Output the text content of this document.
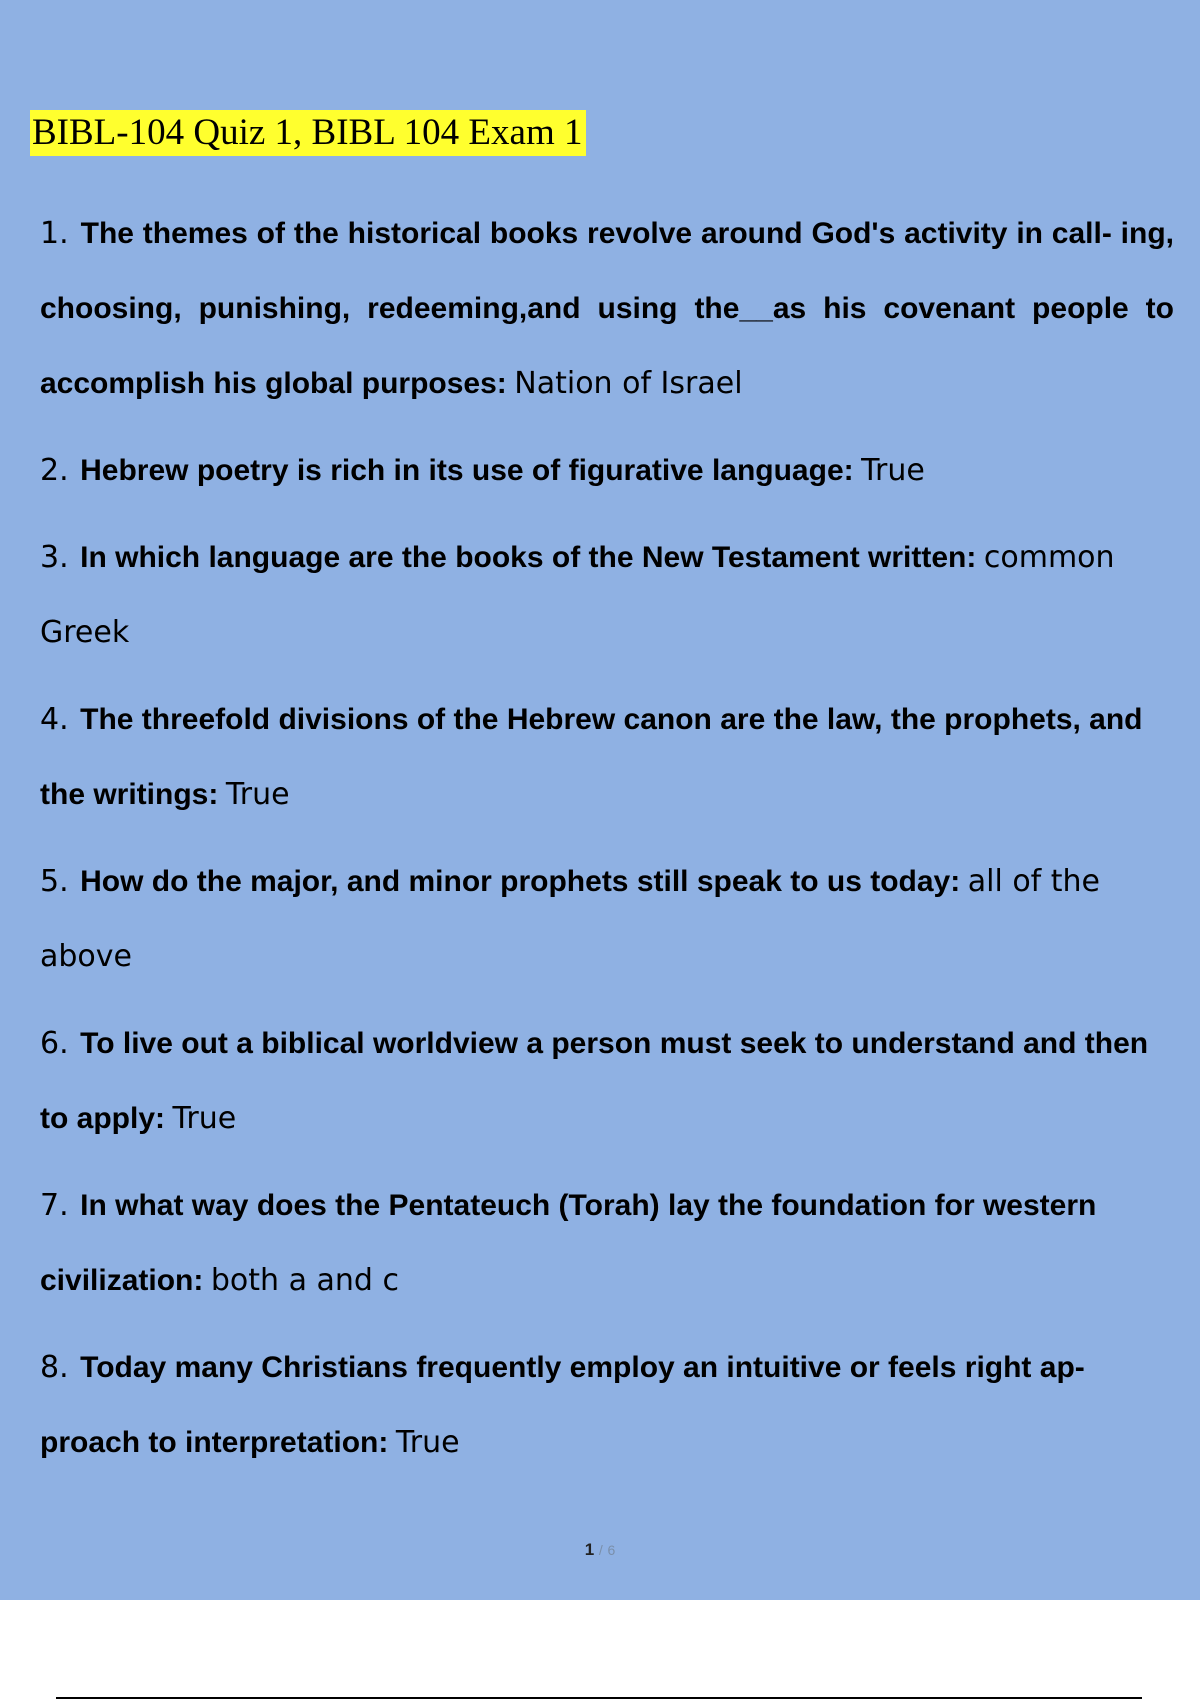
BIBL-104 Quiz 1, BIBL 104 Exam 1
1. The themes of the historical books revolve around God's activity in call- ing, choosing, punishing, redeeming,and using the__as his covenant people to accomplish his global purposes: Nation of Israel
2. Hebrew poetry is rich in its use of figurative language: True
3. In which language are the books of the New Testament written: common Greek
4. The threefold divisions of the Hebrew canon are the law, the prophets, and the writings: True
5. How do the major, and minor prophets still speak to us today: all of the above
6. To live out a biblical worldview a person must seek to understand and then to apply: True
7. In what way does the Pentateuch (Torah) lay the foundation for western civilization: both a and c
8. Today many Christians frequently employ an intuitive or feels right ap- proach to interpretation: True
1 / 6
